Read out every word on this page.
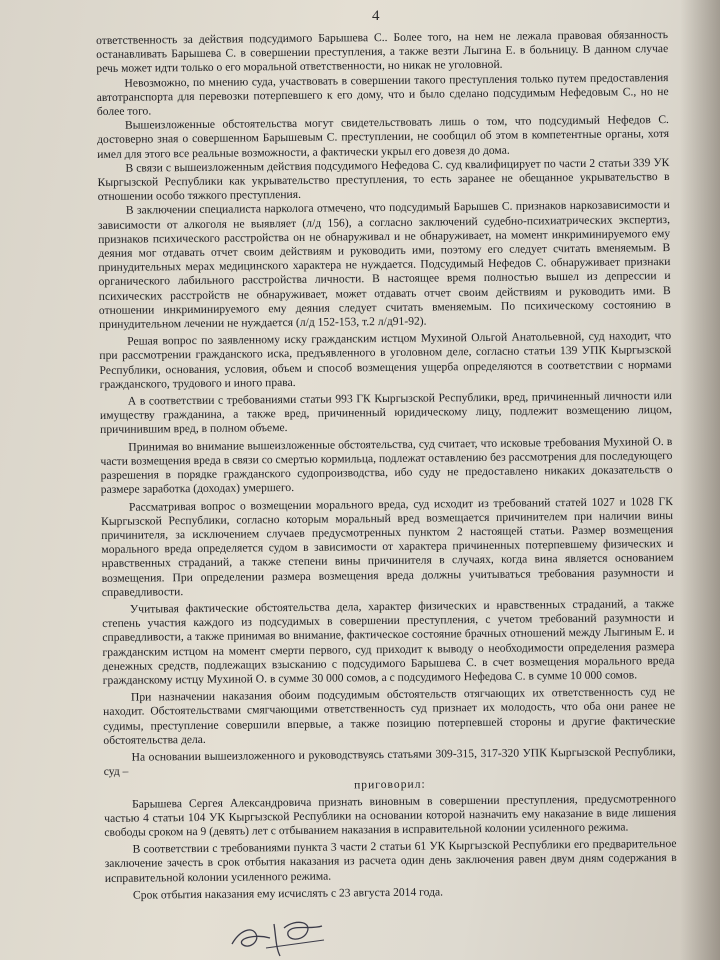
4

ответственность за действия подсудимого Барышева С.. Более того, на нем не лежала правовая обязанность останавливать Барышева С. в совершении преступления, а также везти Лыгина Е. в больницу. В данном случае речь может идти только о его моральной ответственности, но никак не уголовной.

Невозможно, по мнению суда, участвовать в совершении такого преступления только путем предоставления автотранспорта для перевозки потерпевшего к его дому, что и было сделано подсудимым Нефедовым С., но не более того.

Вышеизложенные обстоятельства могут свидетельствовать лишь о том, что подсудимый Нефедов С. достоверно зная о совершенном Барышевым С. преступлении, не сообщил об этом в компетентные органы, хотя имел для этого все реальные возможности, а фактически укрыл его довезя до дома.

В связи с вышеизложенным действия подсудимого Нефедова С. суд квалифицирует по части 2 статьи 339 УК Кыргызской Республики как укрывательство преступления, то есть заранее не обещанное укрывательство в отношении особо тяжкого преступления.

В заключении специалиста нарколога отмечено, что подсудимый Барышев С. признаков наркозависимости и зависимости от алкоголя не выявляет (л/д 156), а согласно заключений судебно-психиатрических экспертиз, признаков психического расстройства он не обнаруживал и не обнаруживает, на момент инкриминируемого ему деяния мог отдавать отчет своим действиям и руководить ими, поэтому его следует считать вменяемым. В принудительных мерах медицинского характера не нуждается. Подсудимый Нефедов С. обнаруживает признаки органического лабильного расстройства личности. В настоящее время полностью вышел из депрессии и психических расстройств не обнаруживает, может отдавать отчет своим действиям и руководить ими. В отношении инкриминируемого ему деяния следует считать вменяемым. По психическому состоянию в принудительном лечении не нуждается (л/д 152-153, т.2 л/д91-92).

Решая вопрос по заявленному иску гражданским истцом Мухиной Ольгой Анатольевной, суд находит, что при рассмотрении гражданского иска, предъявленного в уголовном деле, согласно статьи 139 УПК Кыргызской Республики, основания, условия, объем и способ возмещения ущерба определяются в соответствии с нормами гражданского, трудового и иного права.

А в соответствии с требованиями статьи 993 ГК Кыргызской Республики, вред, причиненный личности или имуществу гражданина, а также вред, причиненный юридическому лицу, подлежит возмещению лицом, причинившим вред, в полном объеме.

Принимая во внимание вышеизложенные обстоятельства, суд считает, что исковые требования Мухиной О. в части возмещения вреда в связи со смертью кормильца, подлежат оставлению без рассмотрения для последующего разрешения в порядке гражданского судопроизводства, ибо суду не предоставлено никаких доказательств о размере заработка (доходах) умершего.

Рассматривая вопрос о возмещении морального вреда, суд исходит из требований статей 1027 и 1028 ГК Кыргызской Республики, согласно которым моральный вред возмещается причинителем при наличии вины причинителя, за исключением случаев предусмотренных пунктом 2 настоящей статьи. Размер возмещения морального вреда определяется судом в зависимости от характера причиненных потерпевшему физических и нравственных страданий, а также степени вины причинителя в случаях, когда вина является основанием возмещения. При определении размера возмещения вреда должны учитываться требования разумности и справедливости.

Учитывая фактические обстоятельства дела, характер физических и нравственных страданий, а также степень участия каждого из подсудимых в совершении преступления, с учетом требований разумности и справедливости, а также принимая во внимание, фактическое состояние брачных отношений между Лыгиным Е. и гражданским истцом на момент смерти первого, суд приходит к выводу о необходимости определения размера денежных средств, подлежащих взысканию с подсудимого Барышева С. в счет возмещения морального вреда гражданскому истцу Мухиной О. в сумме 30 000 сомов, а с подсудимого Нефедова С. в сумме 10 000 сомов.

При назначении наказания обоим подсудимым обстоятельств отягчающих их ответственность суд не находит. Обстоятельствами смягчающими ответственность суд признает их молодость, что оба они ранее не судимы, преступление совершили впервые, а также позицию потерпевшей стороны и другие фактические обстоятельства дела.

На основании вышеизложенного и руководствуясь статьями 309-315, 317-320 УПК Кыргызской Республики, суд –

приговорил:

Барышева Сергея Александровича признать виновным в совершении преступления, предусмотренного частью 4 статьи 104 УК Кыргызской Республики на основании которой назначить ему наказание в виде лишения свободы сроком на 9 (девять) лет с отбыванием наказания в исправительной колонии усиленного режима.

В соответствии с требованиями пункта 3 части 2 статьи 61 УК Кыргызской Республики его предварительное заключение зачесть в срок отбытия наказания из расчета один день заключения равен двум дням содержания в исправительной колонии усиленного режима.

Срок отбытия наказания ему исчислять с 23 августа 2014 года.
